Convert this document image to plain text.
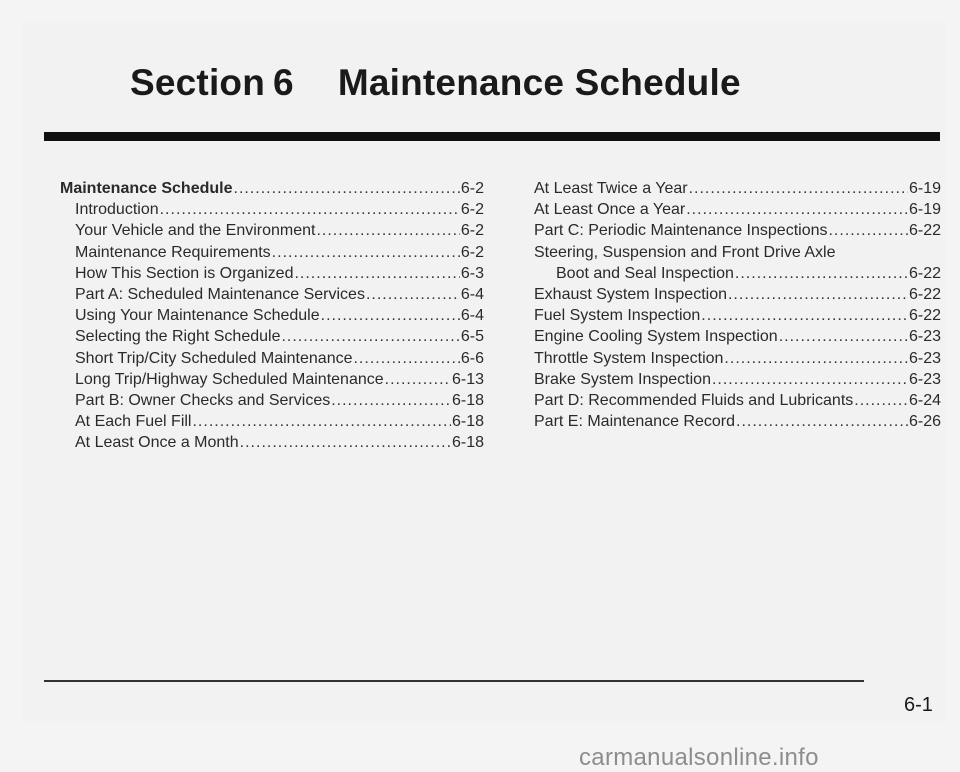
Section 6 Maintenance Schedule
Maintenance Schedule .....	6-2
Introduction .....	6-2
Your Vehicle and the Environment .....	6-2
Maintenance Requirements .....	6-2
How This Section is Organized .....	6-3
Part A: Scheduled Maintenance Services .....	6-4
Using Your Maintenance Schedule .....	6-4
Selecting the Right Schedule .....	6-5
Short Trip/City Scheduled Maintenance .....	6-6
Long Trip/Highway Scheduled Maintenance .....	6-13
Part B: Owner Checks and Services .....	6-18
At Each Fuel Fill .....	6-18
At Least Once a Month .....	6-18
At Least Twice a Year .....	6-19
At Least Once a Year .....	6-19
Part C: Periodic Maintenance Inspections .....	6-22
Steering, Suspension and Front Drive Axle
Boot and Seal Inspection .....	6-22
Exhaust System Inspection .....	6-22
Fuel System Inspection .....	6-22
Engine Cooling System Inspection .....	6-23
Throttle System Inspection .....	6-23
Brake System Inspection .....	6-23
Part D: Recommended Fluids and Lubricants .....	6-24
Part E: Maintenance Record .....	6-26
6-1
carmanualsonline.info
